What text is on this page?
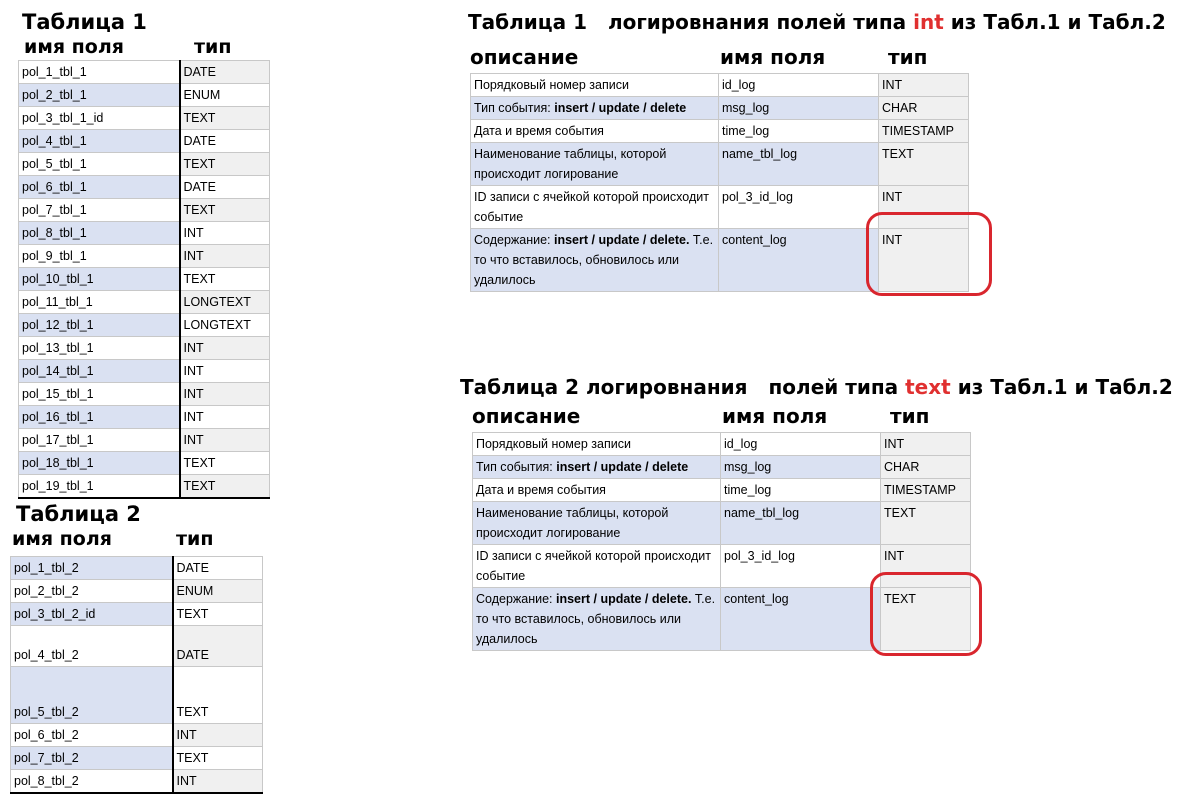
Таблица 1
имя поля	тип
pol_1_tbl_1	DATE
pol_2_tbl_1	ENUM
pol_3_tbl_1_id	TEXT
pol_4_tbl_1	DATE
pol_5_tbl_1	TEXT
pol_6_tbl_1	DATE
pol_7_tbl_1	TEXT
pol_8_tbl_1	INT
pol_9_tbl_1	INT
pol_10_tbl_1	TEXT
pol_11_tbl_1	LONGTEXT
pol_12_tbl_1	LONGTEXT
pol_13_tbl_1	INT
pol_14_tbl_1	INT
pol_15_tbl_1	INT
pol_16_tbl_1	INT
pol_17_tbl_1	INT
pol_18_tbl_1	TEXT
pol_19_tbl_1	TEXT
Таблица 2
имя поля	тип
pol_1_tbl_2	DATE
pol_2_tbl_2	ENUM
pol_3_tbl_2_id	TEXT
pol_4_tbl_2	DATE
pol_5_tbl_2	TEXT
pol_6_tbl_2	INT
pol_7_tbl_2	TEXT
pol_8_tbl_2	INT
Таблица 1 логировнания полей типа int из Табл.1 и Табл.2
описание	имя поля	тип
Порядковый номер записи	id_log	INT
Тип события: insert / update / delete	msg_log	CHAR
Дата и время события	time_log	TIMESTAMP
Наименование таблицы, которой происходит логирование	name_tbl_log	TEXT
ID записи с ячейкой которой происходит событие	pol_3_id_log	INT
Содержание: insert / update / delete. Т.е. то что вставилось, обновилось или удалилось	content_log	INT
Таблица 2 логировнания полей типа text из Табл.1 и Табл.2
описание	имя поля	тип
Порядковый номер записи	id_log	INT
Тип события: insert / update / delete	msg_log	CHAR
Дата и время события	time_log	TIMESTAMP
Наименование таблицы, которой происходит логирование	name_tbl_log	TEXT
ID записи с ячейкой которой происходит событие	pol_3_id_log	INT
Содержание: insert / update / delete. Т.е. то что вставилось, обновилось или удалилось	content_log	TEXT
